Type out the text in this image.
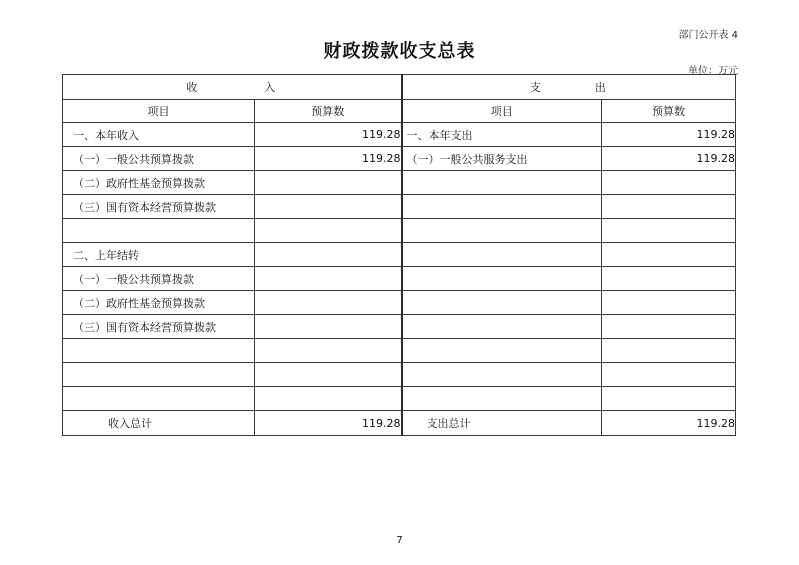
部门公开表 4
财政拨款收支总表
单位：万元
收　　　　　入		支　　　　出	
项目	预算数	项目	预算数
一、本年收入	119.28	一、本年支出	119.28
（一）一般公共预算拨款	119.28	（一）一般公共服务支出	119.28
（二）政府性基金预算拨款			
（三）国有资本经营预算拨款			

二、上年结转			
（一）一般公共预算拨款			
（二）政府性基金预算拨款			
（三）国有资本经营预算拨款			

收入总计	119.28	支出总计	119.28
7
